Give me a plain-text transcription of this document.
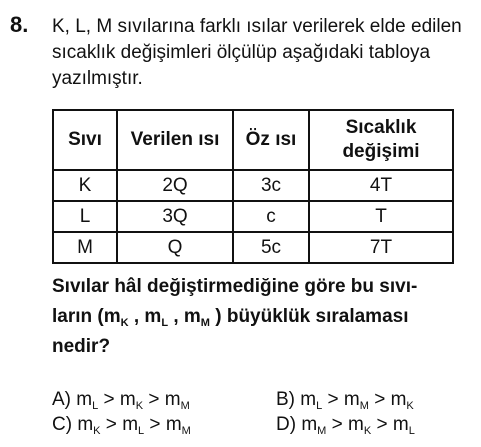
8. K, L, M sıvılarına farklı ısılar verilerek elde edilen sıcaklık değişimleri ölçülüp aşağıdaki tabloya yazılmıştır.
Sıvı	Verilen ısı	Öz ısı	Sıcaklık değişimi
K	2Q	3c	4T
L	3Q	c	T
M	Q	5c	7T
Sıvılar hâl değiştirmediğine göre bu sıvı-
ların ($m_K$ , $m_L$ , $m_M$ ) büyüklük sıralaması
nedir?
A) $m_L > m_K > m_M$	B) $m_L > m_M > m_K$
C) $m_K > m_L > m_M$	D) $m_M > m_K > m_L$
